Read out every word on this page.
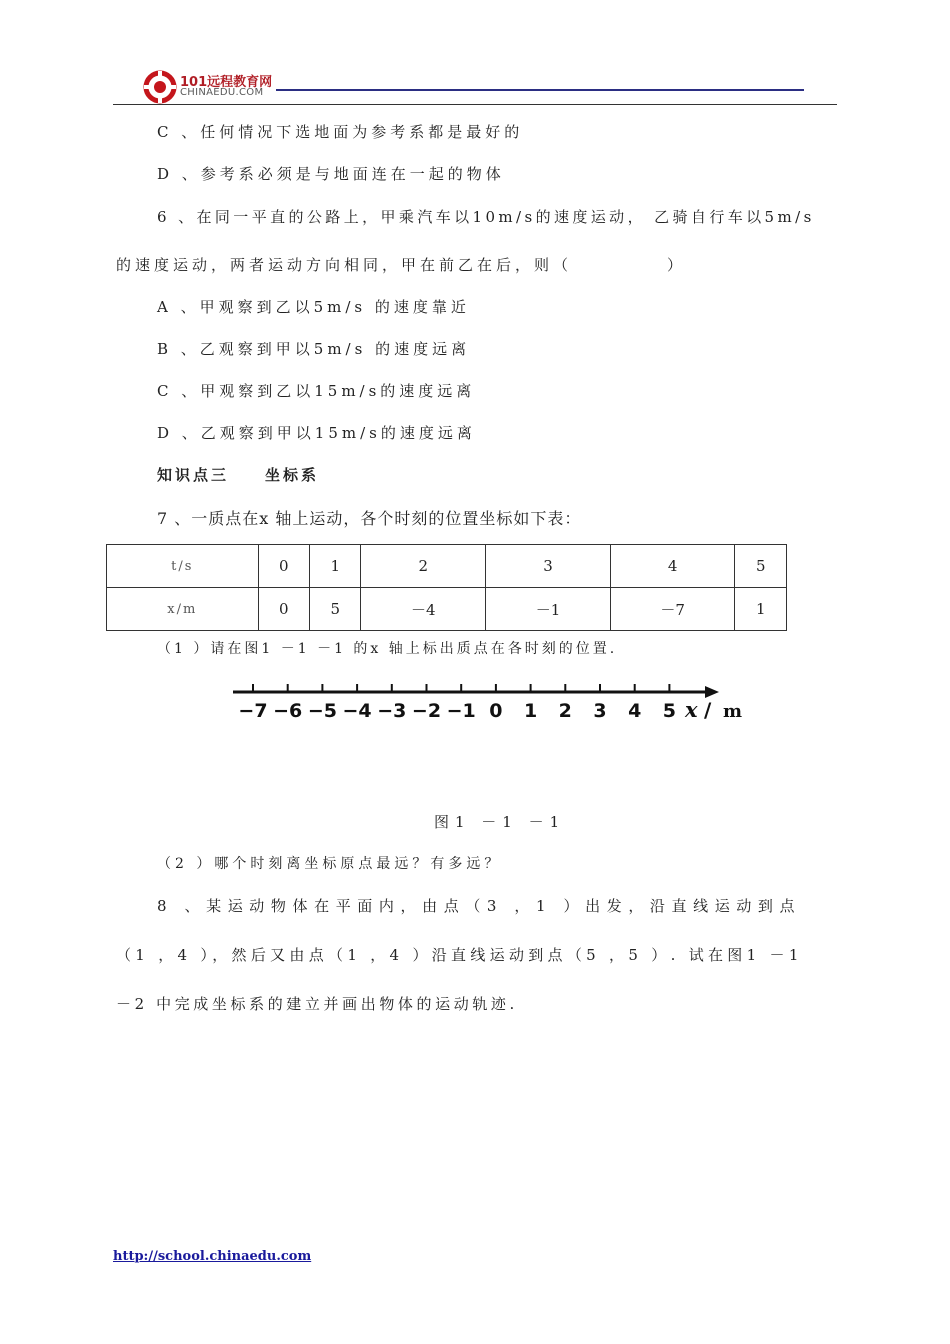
101远程教育网
CHINAEDU.COM
C 、任何情况下选地面为参考系都是最好的
D 、参考系必须是与地面连在一起的物体
6 、在同一平直的公路上，甲乘汽车以10m/s的速度运动， 乙骑自行车以5m/s
的速度运动，两者运动方向相同，甲在前乙在后，则（　　　　　）
A 、甲观察到乙以5m/s 的速度靠近
B 、乙观察到甲以5m/s 的速度远离
C 、甲观察到乙以15m/s的速度远离
D 、乙观察到甲以15m/s的速度远离
知识点三　　坐标系
7 、一质点在x 轴上运动，各个时刻的位置坐标如下表：
t/s	0	1	2	3	4	5
x/m	0	5	－4	－1	－7	1
（1 ）请在图1 －1 －1 的x 轴上标出质点在各时刻的位置.
−7 −6 −5 −4 −3 −2 −1 0 1 2 3 4 5 x / m
图1 －1 －1
（2 ）哪个时刻离坐标原点最远？有多远？
8 、某运动物体在平面内，由点（3 ，1 ）出发，沿直线运动到点
（1 ，4 ），然后又由点（1 ，4 ）沿直线运动到点（5 ，5 ）. 试在图1 －1
－2 中完成坐标系的建立并画出物体的运动轨迹.
http://school.chinaedu.com
